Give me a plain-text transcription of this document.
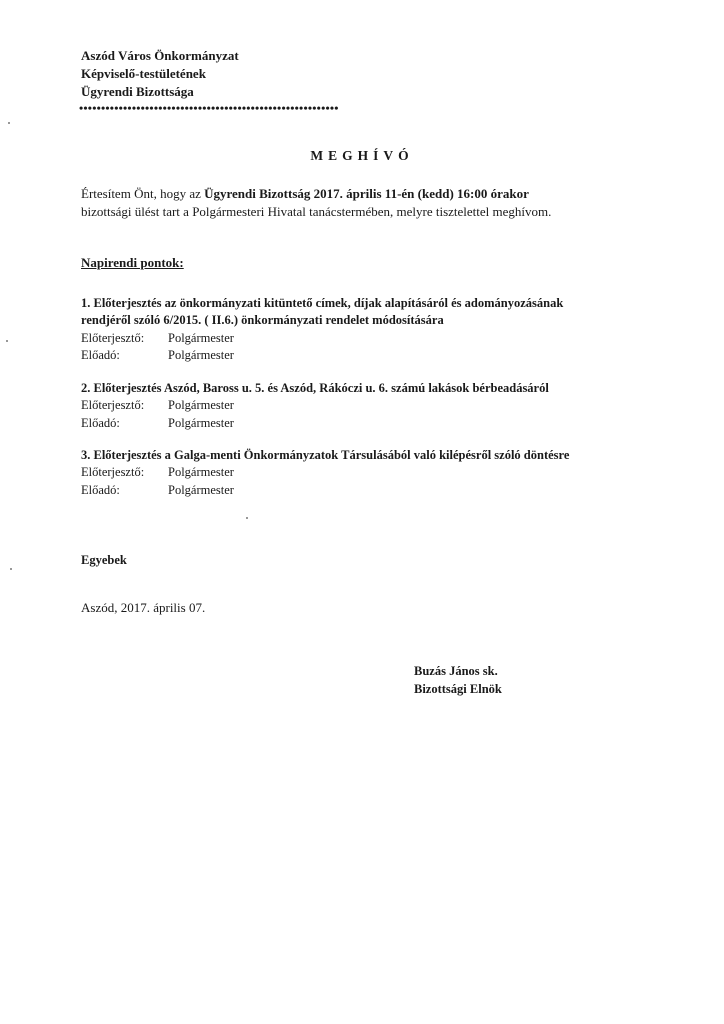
Aszód Város Önkormányzat
Képviselő-testületének
Ügyrendi Bizottsága
•••••••••••••••••••••••••••••••••••••••••••••••••••••••••••
MEGHÍVÓ
Értesítem Önt, hogy az Ügyrendi Bizottság 2017. április 11-én (kedd) 16:00 órakor
bizottsági ülést tart a Polgármesteri Hivatal tanácstermében, melyre tisztelettel meghívom.
Napirendi pontok:
1. Előterjesztés az önkormányzati kitüntető címek, díjak alapításáról és adományozásának
rendjéről szóló 6/2015. ( II.6.) önkormányzati rendelet módosítására
Előterjesztő: Polgármester
Előadó:	Polgármester
2. Előterjesztés Aszód, Baross u. 5. és Aszód, Rákóczi u. 6. számú lakások bérbeadásáról
Előterjesztő: Polgármester
Előadó:	Polgármester
3. Előterjesztés a Galga-menti Önkormányzatok Társulásából való kilépésről szóló döntésre
Előterjesztő: Polgármester
Előadó:	Polgármester
Egyebek
Aszód, 2017. április 07.
Buzás János sk.
Bizottsági Elnök
